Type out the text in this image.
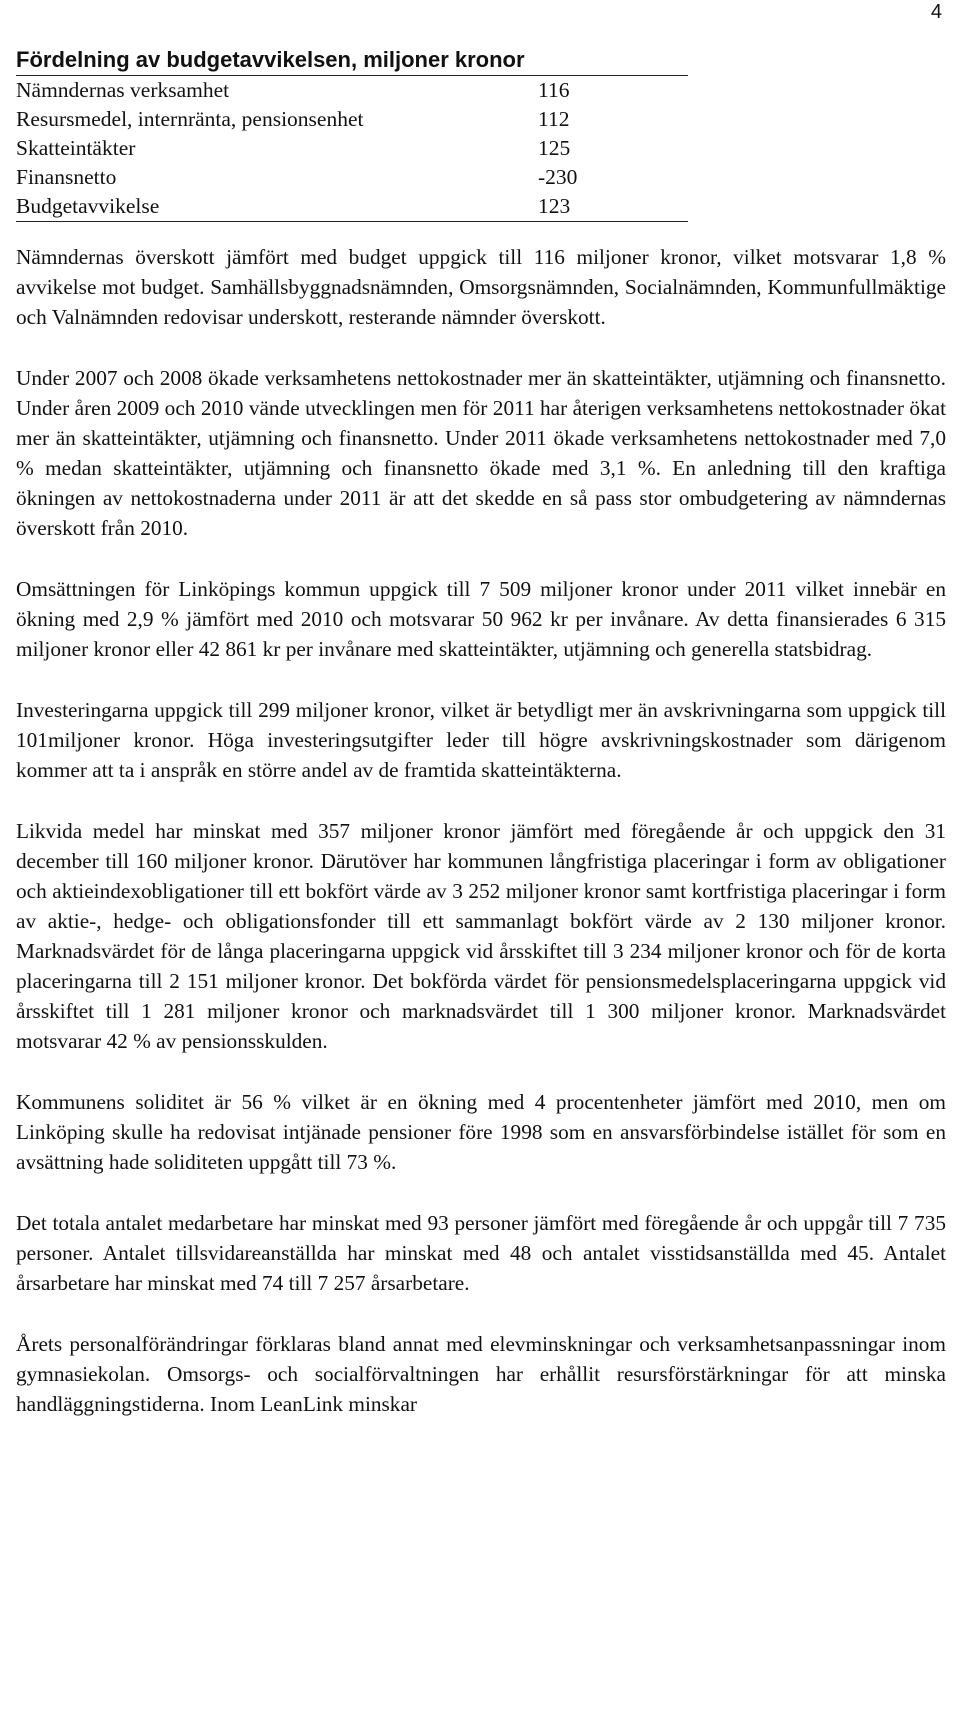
4
Fördelning av budgetavvikelsen, miljoner kronor
Nämndernas verksamhet	116
Resursmedel, internränta, pensionsenhet	112
Skatteintäkter	125
Finansnetto	-230
Budgetavvikelse	123

Nämndernas överskott jämfört med budget uppgick till 116 miljoner kronor, vilket motsvarar 1,8 % avvikelse mot budget. Samhällsbyggnadsnämnden, Omsorgsnämnden, Socialnämnden, Kommunfullmäktige och Valnämnden redovisar underskott, resterande nämnder överskott.

Under 2007 och 2008 ökade verksamhetens nettokostnader mer än skatteintäkter, utjämning och finansnetto. Under åren 2009 och 2010 vände utvecklingen men för 2011 har återigen verksamhetens nettokostnader ökat mer än skatteintäkter, utjämning och finansnetto. Under 2011 ökade verksamhetens nettokostnader med 7,0 % medan skatteintäkter, utjämning och finansnetto ökade med 3,1 %. En anledning till den kraftiga ökningen av nettokostnaderna under 2011 är att det skedde en så pass stor ombudgetering av nämndernas överskott från 2010.

Omsättningen för Linköpings kommun uppgick till 7 509 miljoner kronor under 2011 vilket innebär en ökning med 2,9 % jämfört med 2010 och motsvarar 50 962 kr per invånare. Av detta finansierades 6 315 miljoner kronor eller 42 861 kr per invånare med skatteintäkter, utjämning och generella statsbidrag.

Investeringarna uppgick till 299 miljoner kronor, vilket är betydligt mer än avskrivningarna som uppgick till 101miljoner kronor. Höga investeringsutgifter leder till högre avskrivningskostnader som därigenom kommer att ta i anspråk en större andel av de framtida skatteintäkterna.

Likvida medel har minskat med 357 miljoner kronor jämfört med föregående år och uppgick den 31 december till 160 miljoner kronor. Därutöver har kommunen långfristiga placeringar i form av obligationer och aktieindexobligationer till ett bokfört värde av 3 252 miljoner kronor samt kortfristiga placeringar i form av aktie-, hedge- och obligationsfonder till ett sammanlagt bokfört värde av 2 130 miljoner kronor. Marknadsvärdet för de långa placeringarna uppgick vid årsskiftet till 3 234 miljoner kronor och för de korta placeringarna till 2 151 miljoner kronor. Det bokförda värdet för pensionsmedelsplaceringarna uppgick vid årsskiftet till 1 281 miljoner kronor och marknadsvärdet till 1 300 miljoner kronor. Marknadsvärdet motsvarar 42 % av pensionsskulden.

Kommunens soliditet är 56 % vilket är en ökning med 4 procentenheter jämfört med 2010, men om Linköping skulle ha redovisat intjänade pensioner före 1998 som en ansvarsförbindelse istället för som en avsättning hade soliditeten uppgått till 73 %.

Det totala antalet medarbetare har minskat med 93 personer jämfört med föregående år och uppgår till 7 735 personer. Antalet tillsvidareanställda har minskat med 48 och antalet visstidsanställda med 45. Antalet årsarbetare har minskat med 74 till 7 257 årsarbetare.

Årets personalförändringar förklaras bland annat med elevminskningar och verksamhetsanpassningar inom gymnasiekolan. Omsorgs- och socialförvaltningen har erhållit resursförstärkningar för att minska handläggningstiderna. Inom LeanLink minskar
